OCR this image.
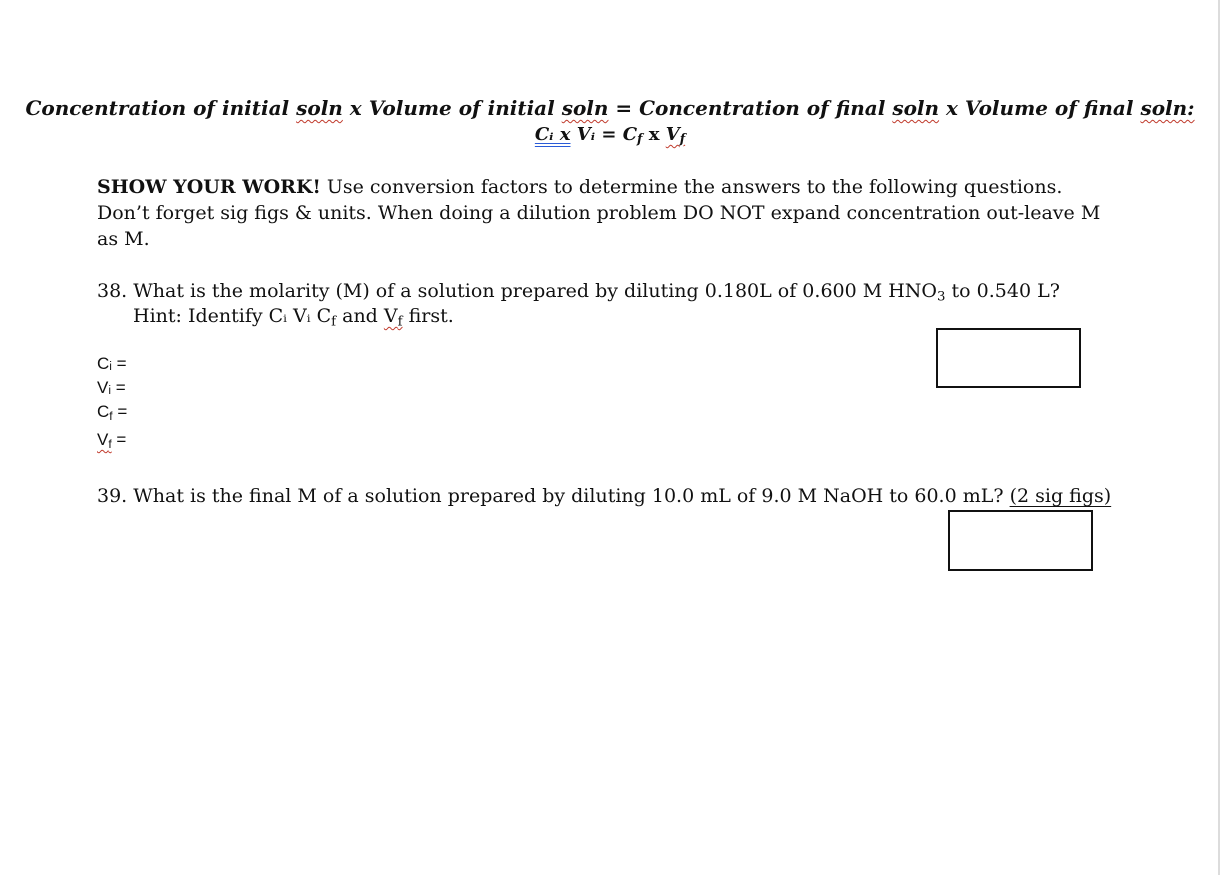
Concentration of initial soln x Volume of initial soln = Concentration of final soln x Volume of final soln:
Cᵢ x Vᵢ = $C_f$ x $V_f$
SHOW YOUR WORK! Use conversion factors to determine the answers to the following questions. Don’t forget sig figs & units. When doing a dilution problem DO NOT expand concentration out-leave M as M.
38. What is the molarity (M) of a solution prepared by diluting 0.180L of 0.600 M $HNO_3$ to 0.540 L?
Hint: Identify Cᵢ Vᵢ $C_f$ and $V_f$ first.
Cᵢ =
Vᵢ =
$C_f$ =
$V_f$ =
39. What is the final M of a solution prepared by diluting 10.0 mL of 9.0 M NaOH to 60.0 mL? (2 sig figs)
